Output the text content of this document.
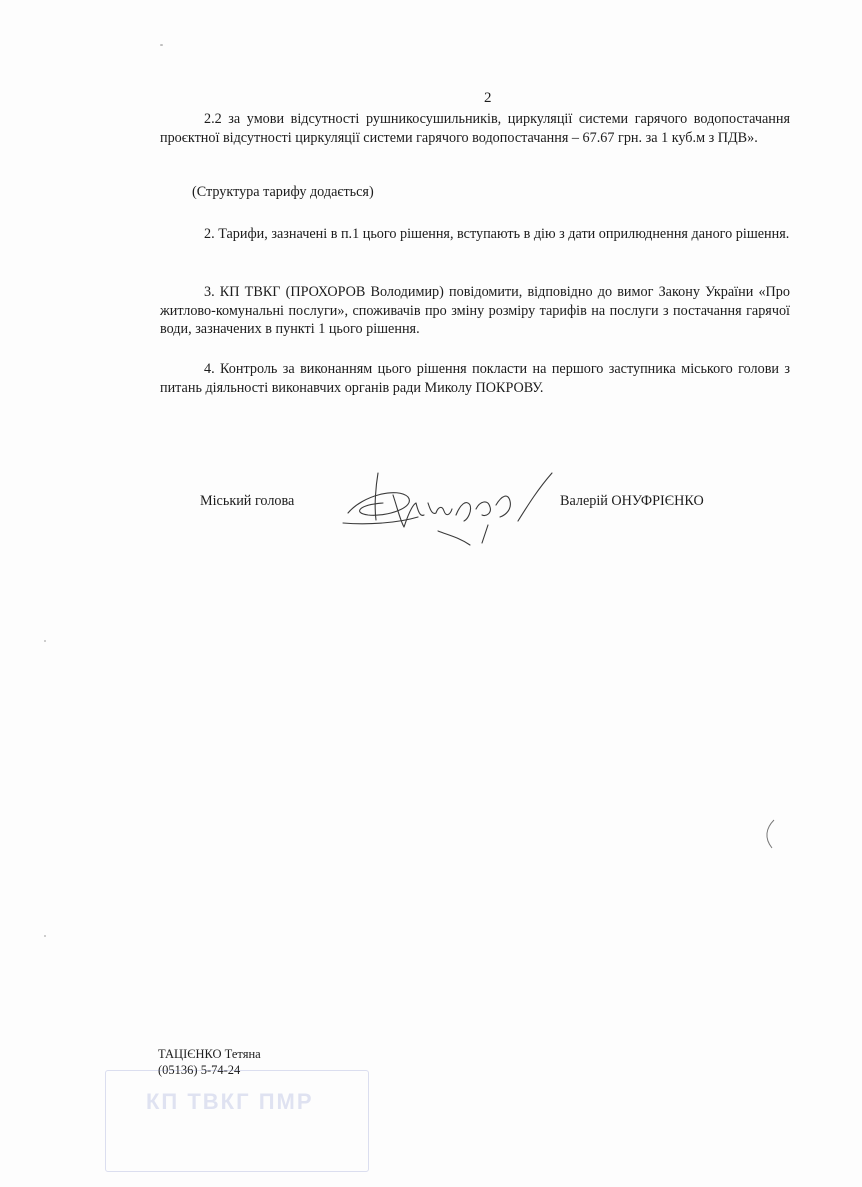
2

2.2 за умови відсутності рушникосушильників, циркуляції системи гарячого водопостачання проєктної відсутності циркуляції системи гарячого водопостачання – 67.67 грн. за 1 куб.м з ПДВ».

(Структура тарифу додається)

2. Тарифи, зазначені в п.1 цього рішення, вступають в дію з дати оприлюднення даного рішення.

3. КП ТВКГ (ПРОХОРОВ Володимир) повідомити, відповідно до вимог Закону України «Про житлово-комунальні послуги», споживачів про зміну розміру тарифів на послуги з постачання гарячої води, зазначених в пункті 1 цього рішення.

4. Контроль за виконанням цього рішення покласти на першого заступника міського голови з питань діяльності виконавчих органів ради Миколу ПОКРОВУ.

Міський голова	Валерій ОНУФРІЄНКО
ТАЦІЄНКО Тетяна
(05136) 5-74-24
КП ТВКГ ПМР
